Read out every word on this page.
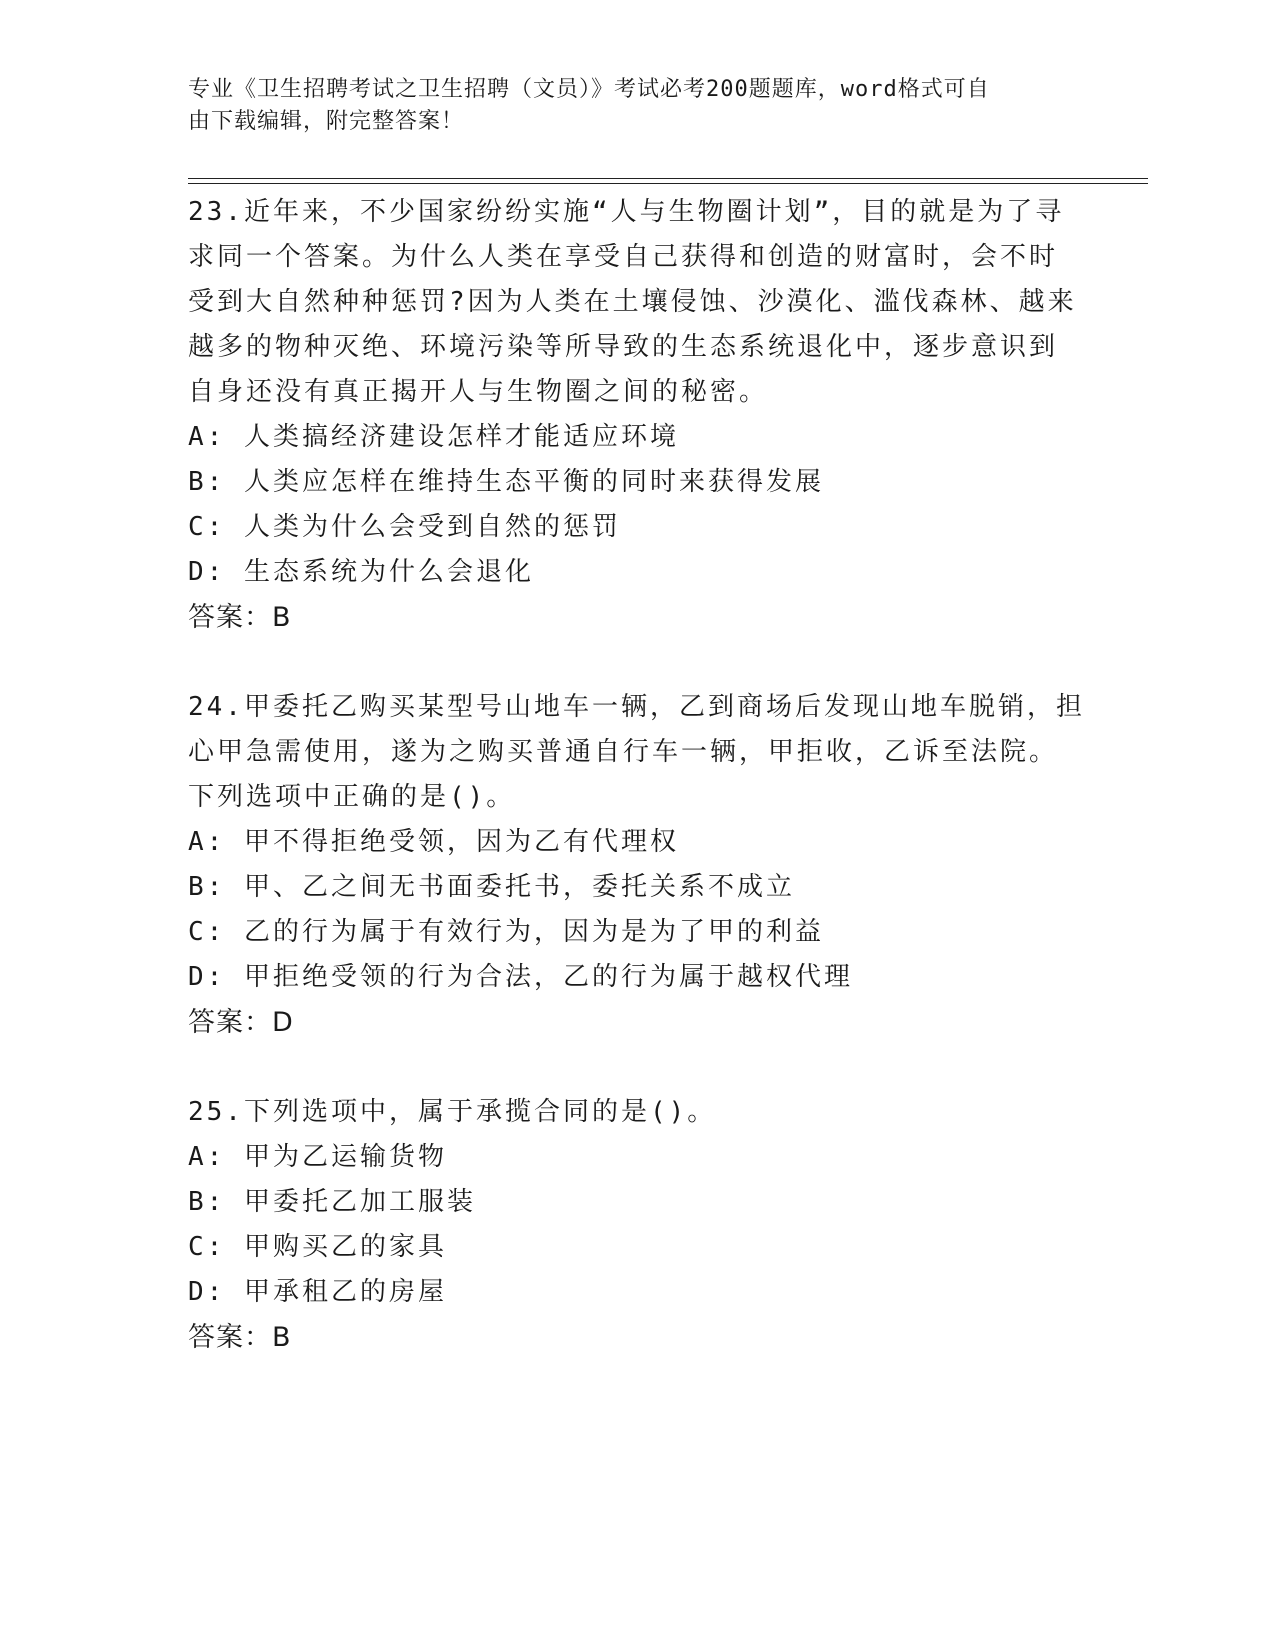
专业《卫生招聘考试之卫生招聘（文员）》考试必考200题题库，word格式可自
由下载编辑，附完整答案！

23.近年来，不少国家纷纷实施“人与生物圈计划”，目的就是为了寻

求同一个答案。为什么人类在享受自己获得和创造的财富时，会不时

受到大自然种种惩罚?因为人类在土壤侵蚀、沙漠化、滥伐森林、越来

越多的物种灭绝、环境污染等所导致的生态系统退化中，逐步意识到

自身还没有真正揭开人与生物圈之间的秘密。

A: 人类搞经济建设怎样才能适应环境

B: 人类应怎样在维持生态平衡的同时来获得发展

C: 人类为什么会受到自然的惩罚

D: 生态系统为什么会退化

答案：B

24.甲委托乙购买某型号山地车一辆，乙到商场后发现山地车脱销，担

心甲急需使用，遂为之购买普通自行车一辆，甲拒收，乙诉至法院。

下列选项中正确的是()。

A: 甲不得拒绝受领，因为乙有代理权

B: 甲、乙之间无书面委托书，委托关系不成立

C: 乙的行为属于有效行为，因为是为了甲的利益

D: 甲拒绝受领的行为合法，乙的行为属于越权代理

答案：D

25.下列选项中，属于承揽合同的是()。

A: 甲为乙运输货物

B: 甲委托乙加工服装

C: 甲购买乙的家具

D: 甲承租乙的房屋

答案：B
